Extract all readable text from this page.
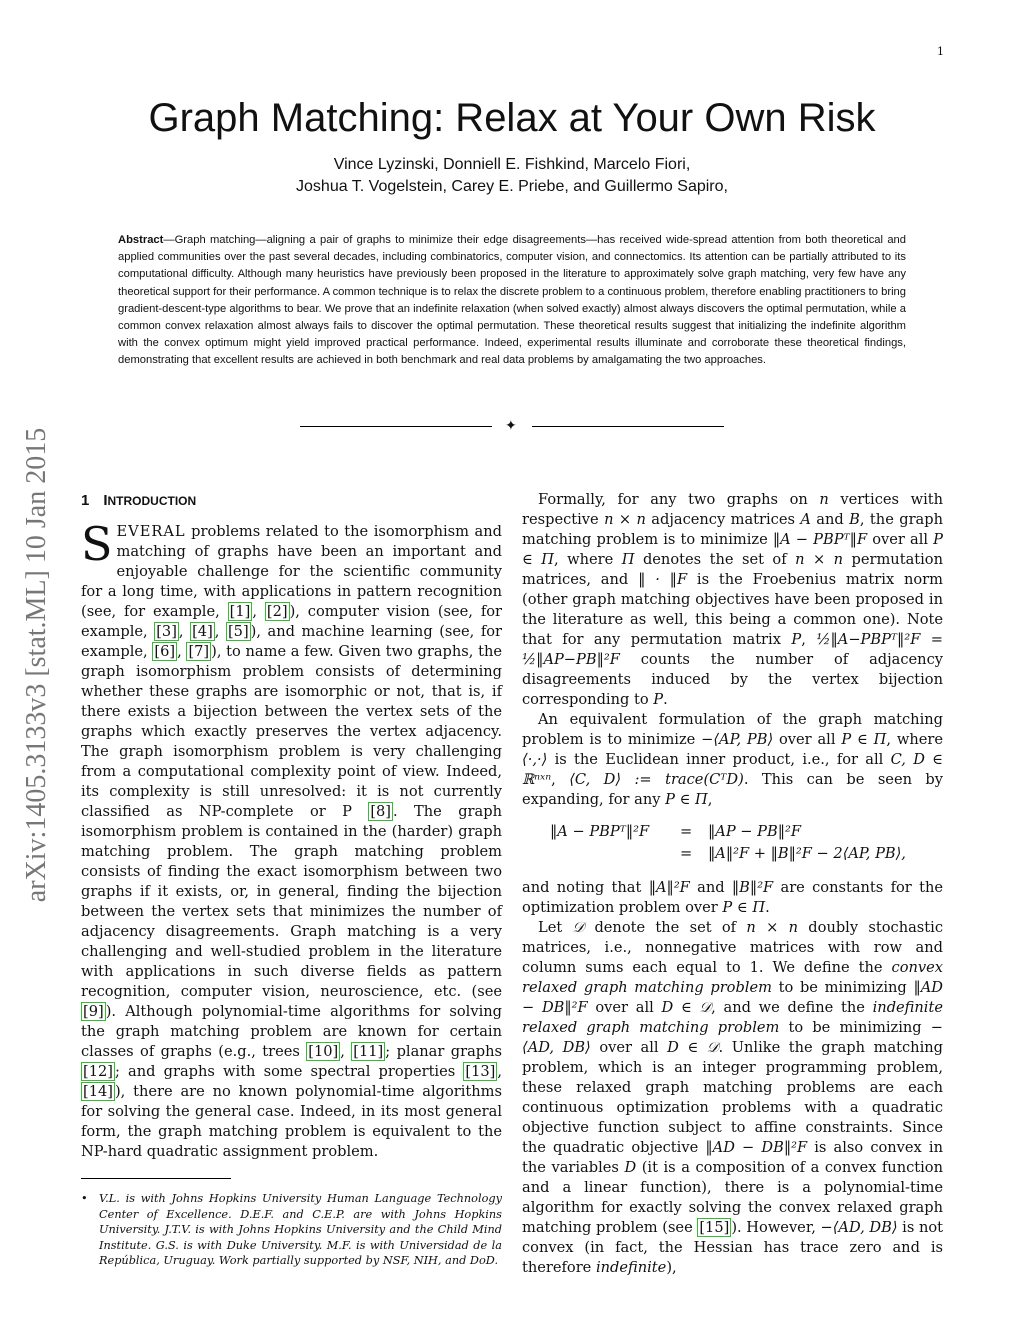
1
arXiv:1405.3133v3 [stat.ML] 10 Jan 2015
Graph Matching: Relax at Your Own Risk
Vince Lyzinski, Donniell E. Fishkind, Marcelo Fiori,
Joshua T. Vogelstein, Carey E. Priebe, and Guillermo Sapiro,

Abstract—Graph matching—aligning a pair of graphs to minimize their edge disagreements—has received wide-spread attention from both theoretical and applied communities over the past several decades, including combinatorics, computer vision, and connectomics. Its attention can be partially attributed to its computational difficulty. Although many heuristics have previously been proposed in the literature to approximately solve graph matching, very few have any theoretical support for their performance. A common technique is to relax the discrete problem to a continuous problem, therefore enabling practitioners to bring gradient-descent-type algorithms to bear. We prove that an indefinite relaxation (when solved exactly) almost always discovers the optimal permutation, while a common convex relaxation almost always fails to discover the optimal permutation. These theoretical results suggest that initializing the indefinite algorithm with the convex optimum might yield improved practical performance. Indeed, experimental results illuminate and corroborate these theoretical findings, demonstrating that excellent results are achieved in both benchmark and real data problems by amalgamating the two approaches.

✦
1 INTRODUCTION

SEVERAL problems related to the isomorphism and matching of graphs have been an important and enjoyable challenge for the scientific community for a long time, with applications in pattern recognition (see, for example, [1] , [2] ), computer vision (see, for example, [3] , [4] , [5] ), and machine learning (see, for example, [6] , [7] ), to name a few. Given two graphs, the graph isomorphism problem consists of determining whether these graphs are isomorphic or not, that is, if there exists a bijection between the vertex sets of the graphs which exactly preserves the vertex adjacency. The graph isomorphism problem is very challenging from a computational complexity point of view. Indeed, its complexity is still unresolved: it is not currently classified as NP-complete or P [8] . The graph isomorphism problem is contained in the (harder) graph matching problem. The graph matching problem consists of finding the exact isomorphism between two graphs if it exists, or, in general, finding the bijection between the vertex sets that minimizes the number of adjacency disagreements. Graph matching is a very challenging and well-studied problem in the literature with applications in such diverse fields as pattern recognition, computer vision, neuroscience, etc. (see [9] ). Although polynomial-time algorithms for solving the graph matching problem are known for certain classes of graphs (e.g., trees [10] , [11] ; planar graphs [12] ; and graphs with some spectral properties [13] , [14] ), there are no known polynomial-time algorithms for solving the general case. Indeed, in its most general form, the graph matching problem is equivalent to the NP-hard quadratic assignment problem.

• V.L. is with Johns Hopkins University Human Language Technology Center of Excellence. D.E.F. and C.E.P. are with Johns Hopkins University. J.T.V. is with Johns Hopkins University and the Child Mind Institute. G.S. is with Duke University. M.F. is with Universidad de la República, Uruguay. Work partially supported by NSF, NIH, and DoD.

Formally, for any two graphs on n vertices with respective n × n adjacency matrices A and B, the graph matching problem is to minimize ‖A − PBPᵀ‖F over all P ∈ Π, where Π denotes the set of n × n permutation matrices, and ‖ · ‖F is the Froebenius matrix norm (other graph matching objectives have been proposed in the literature as well, this being a common one). Note that for any permutation matrix P, ½‖A−PBPᵀ‖²F = ½‖AP−PB‖²F counts the number of adjacency disagreements induced by the vertex bijection corresponding to P.

An equivalent formulation of the graph matching problem is to minimize −⟨AP, PB⟩ over all P ∈ Π, where ⟨·,·⟩ is the Euclidean inner product, i.e., for all C, D ∈ ℝⁿˣⁿ, ⟨C, D⟩ := trace(CᵀD). This can be seen by expanding, for any P ∈ Π,

‖A − PBPᵀ‖²F = ‖AP − PB‖²F
= ‖A‖²F + ‖B‖²F − 2⟨AP, PB⟩,

and noting that ‖A‖²F and ‖B‖²F are constants for the optimization problem over P ∈ Π.

Let 𝒟 denote the set of n × n doubly stochastic matrices, i.e., nonnegative matrices with row and column sums each equal to 1. We define the convex relaxed graph matching problem to be minimizing ‖AD − DB‖²F over all D ∈ 𝒟, and we define the indefinite relaxed graph matching problem to be minimizing −⟨AD, DB⟩ over all D ∈ 𝒟. Unlike the graph matching problem, which is an integer programming problem, these relaxed graph matching problems are each continuous optimization problems with a quadratic objective function subject to affine constraints. Since the quadratic objective ‖AD − DB‖²F is also convex in the variables D (it is a composition of a convex function and a linear function), there is a polynomial-time algorithm for exactly solving the convex relaxed graph matching problem (see [15] ). However, −⟨AD, DB⟩ is not convex (in fact, the Hessian has trace zero and is therefore indefinite),
